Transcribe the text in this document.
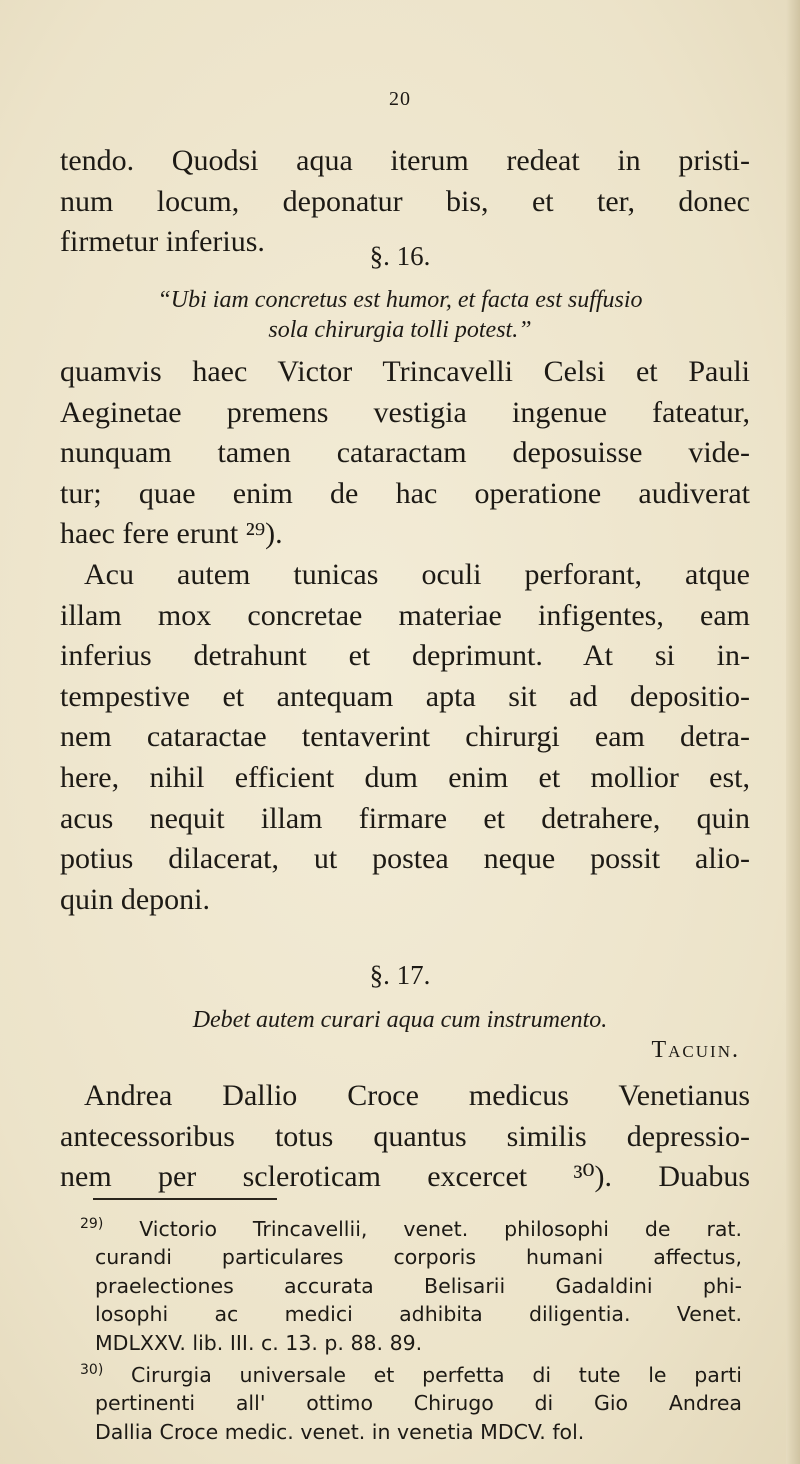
20
tendo. Quodsi aqua iterum redeat in pristi-
num locum, deponatur bis, et ter, donec
firmetur inferius.	§. 16.
“Ubi iam concretus est humor, et facta est suffusio
sola chirurgia tolli potest.”
quamvis haec Victor Trincavelli Celsi et Pauli
Aeginetae premens vestigia ingenue fateatur,
nunquam tamen cataractam deposuisse vide-
tur; quae enim de hac operatione audiverat
haec fere erunt ²⁹).
Acu autem tunicas oculi perforant, atque
illam mox concretae materiae infigentes, eam
inferius detrahunt et deprimunt. At si in-
tempestive et antequam apta sit ad depositio-
nem cataractae tentaverint chirurgi eam detra-
here, nihil efficient dum enim et mollior est,
acus nequit illam firmare et detrahere, quin
potius dilacerat, ut postea neque possit alio-
quin deponi.
§. 17.
Debet autem curari aqua cum instrumento.
Tacuin.
Andrea Dallio Croce medicus Venetianus
antecessoribus totus quantus similis depressio-
nem per scleroticam excercet ³⁰). Duabus
$^{29)}$ Victorio Trincavellii, venet. philosophi de rat.
curandi particulares corporis humani affectus,
praelectiones accurata Belisarii Gadaldini phi-
losophi ac medici adhibita diligentia. Venet.
MDLXXV. lib. III. c. 13. p. 88. 89.
$^{30)}$ Cirurgia universale et perfetta di tute le parti
pertinenti all' ottimo Chirugo di Gio Andrea
Dallia Croce medic. venet. in venetia MDCV. fol.
